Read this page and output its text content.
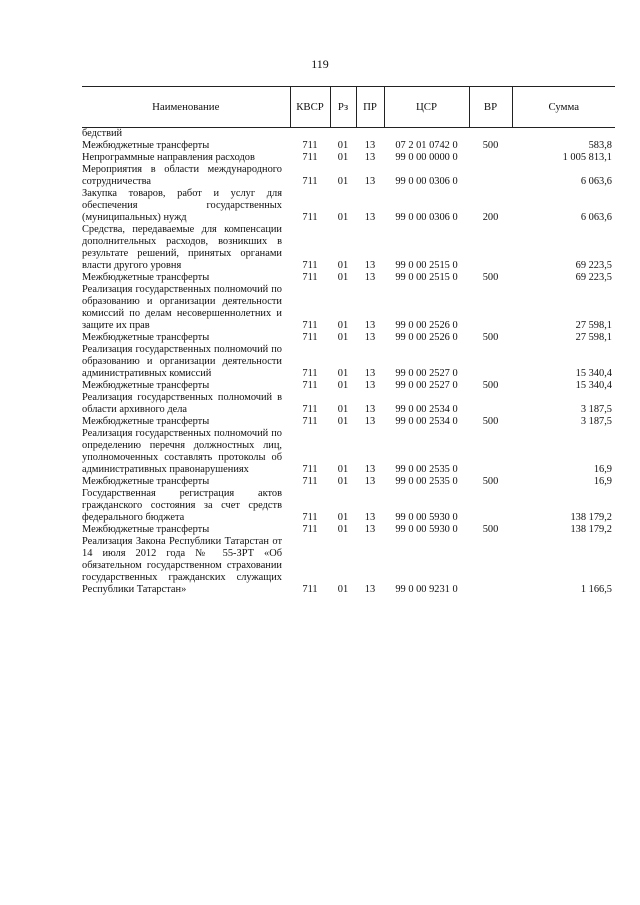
119
Наименование	КВСР	Рз	ПР	ЦСР	ВР	Сумма
бедствий						
Межбюджетные трансферты	711	01	13	07 2 01 0742 0	500	583,8
Непрограммные направления расходов	711	01	13	99 0 00 0000 0		1 005 813,1
Мероприятия в области международного сотрудничества	711	01	13	99 0 00 0306 0		6 063,6
Закупка товаров, работ и услуг для обеспечения государственных (муниципальных) нужд	711	01	13	99 0 00 0306 0	200	6 063,6
Средства, передаваемые для компенсации дополнительных расходов, возникших в результате решений, принятых органами власти другого уровня	711	01	13	99 0 00 2515 0		69 223,5
Межбюджетные трансферты	711	01	13	99 0 00 2515 0	500	69 223,5
Реализация государственных полномочий по образованию и организации деятельности комиссий по делам несовершеннолетних и защите их прав	711	01	13	99 0 00 2526 0		27 598,1
Межбюджетные трансферты	711	01	13	99 0 00 2526 0	500	27 598,1
Реализация государственных полномочий по образованию и организации деятельности административных комиссий	711	01	13	99 0 00 2527 0		15 340,4
Межбюджетные трансферты	711	01	13	99 0 00 2527 0	500	15 340,4
Реализация государственных полномочий в области архивного дела	711	01	13	99 0 00 2534 0		3 187,5
Межбюджетные трансферты	711	01	13	99 0 00 2534 0	500	3 187,5
Реализация государственных полномочий по определению перечня должностных лиц, уполномоченных составлять протоколы об административных правонарушениях	711	01	13	99 0 00 2535 0		16,9
Межбюджетные трансферты	711	01	13	99 0 00 2535 0	500	16,9
Государственная регистрация актов гражданского состояния за счет средств федерального бюджета	711	01	13	99 0 00 5930 0		138 179,2
Межбюджетные трансферты	711	01	13	99 0 00 5930 0	500	138 179,2
Реализация Закона Республики Татарстан от 14 июля 2012 года № 55-ЗРТ «Об обязательном государственном страховании государственных гражданских служащих Республики Татарстан»	711	01	13	99 0 00 9231 0		1 166,5
